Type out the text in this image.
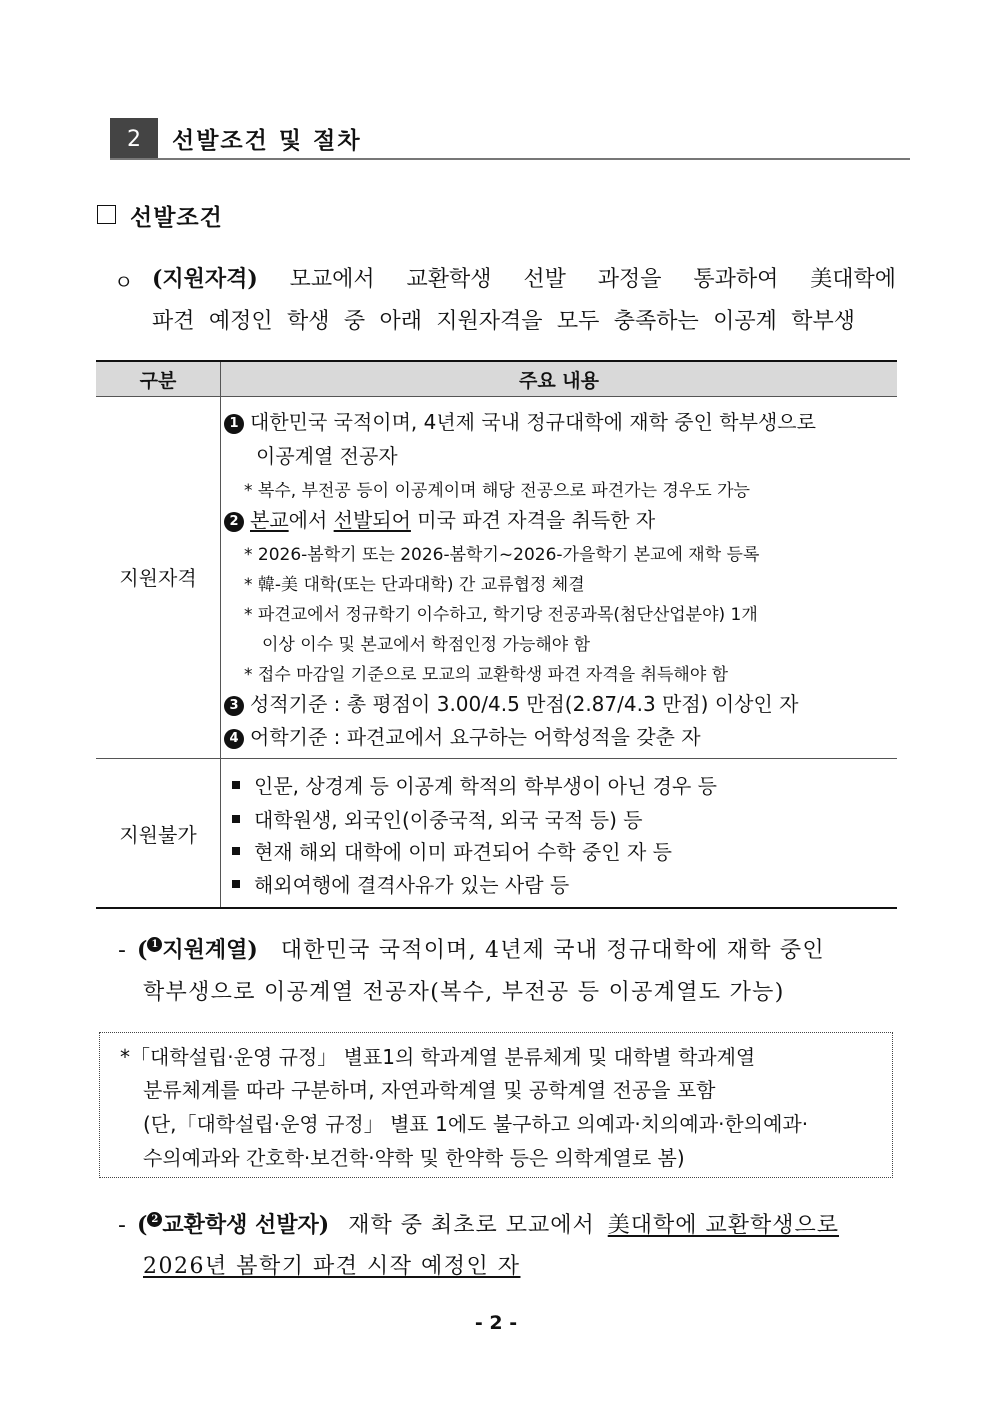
2	선발조건 및 절차
선발조건
ㅇ (지원자격) 모교에서 교환학생 선발 과정을 통과하여 美대학에
파견 예정인 학생 중 아래 지원자격을 모두 충족하는 이공계 학부생
구분	주요 내용
지원자격
지원불가
1 대한민국 국적이며, 4년제 국내 정규대학에 재학 중인 학부생으로
이공계열 전공자
* 복수, 부전공 등이 이공계이며 해당 전공으로 파견가는 경우도 가능
2 본교에서 선발되어 미국 파견 자격을 취득한 자
* 2026-봄학기 또는 2026-봄학기~2026-가을학기 본교에 재학 등록
* 韓-美 대학(또는 단과대학) 간 교류협정 체결
* 파견교에서 정규학기 이수하고, 학기당 전공과목(첨단산업분야) 1개
이상 이수 및 본교에서 학점인정 가능해야 함
* 접수 마감일 기준으로 모교의 교환학생 파견 자격을 취득해야 함
3 성적기준 : 총 평점이 3.00/4.5 만점(2.87/4.3 만점) 이상인 자
4 어학기준 : 파견교에서 요구하는 어학성적을 갖춘 자
인문, 상경계 등 이공계 학적의 학부생이 아닌 경우 등
대학원생, 외국인(이중국적, 외국 국적 등) 등
현재 해외 대학에 이미 파견되어 수학 중인 자 등
해외여행에 결격사유가 있는 사람 등
- ( 1 지원계열) 대한민국 국적이며, 4년제 국내 정규대학에 재학 중인
학부생으로 이공계열 전공자(복수, 부전공 등 이공계열도 가능)
*「대학설립·운영 규정」 별표1의 학과계열 분류체계 및 대학별 학과계열
분류체계를 따라 구분하며, 자연과학계열 및 공학계열 전공을 포함
(단,「대학설립·운영 규정」 별표 1에도 불구하고 의예과·치의예과·한의예과·
수의예과와 간호학·보건학·약학 및 한약학 등은 의학계열로 봄)
- ( 2 교환학생 선발자) 재학 중 최초로 모교에서 美대학에 교환학생으로
2026년 봄학기 파견 시작 예정인 자
- 2 -
